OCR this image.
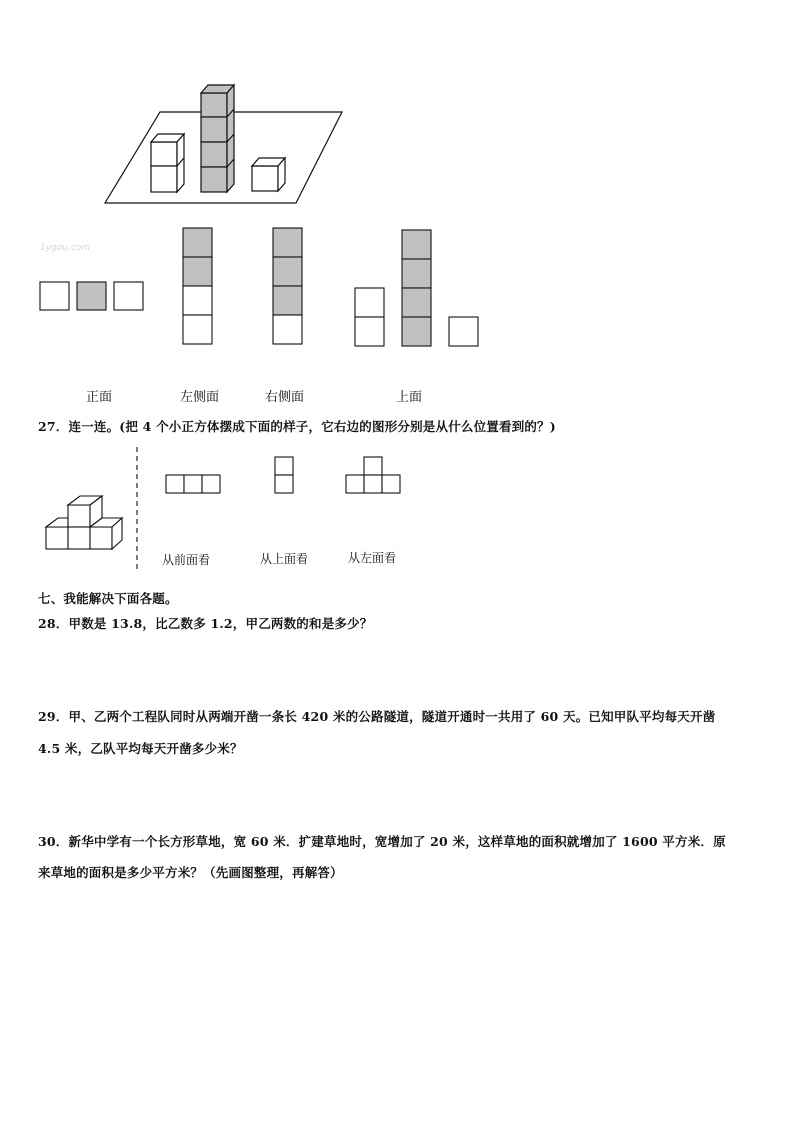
1ygou.com
正面	左侧面	右侧面	上面
27．连一连。(把 4 个小正方体摆成下面的样子，它右边的图形分别是从什么位置看到的？)
从前面看	从上面看	从左面看
七、我能解决下面各题。
28．甲数是 13.8，比乙数多 1.2，甲乙两数的和是多少？
29．甲、乙两个工程队同时从两端开凿一条长 420 米的公路隧道，隧道开通时一共用了 60 天。已知甲队平均每天开凿
4.5 米，乙队平均每天开凿多少米？
30．新华中学有一个长方形草地，宽 60 米．扩建草地时，宽增加了 20 米，这样草地的面积就增加了 1600 平方米．原
来草地的面积是多少平方米？（先画图整理，再解答）
